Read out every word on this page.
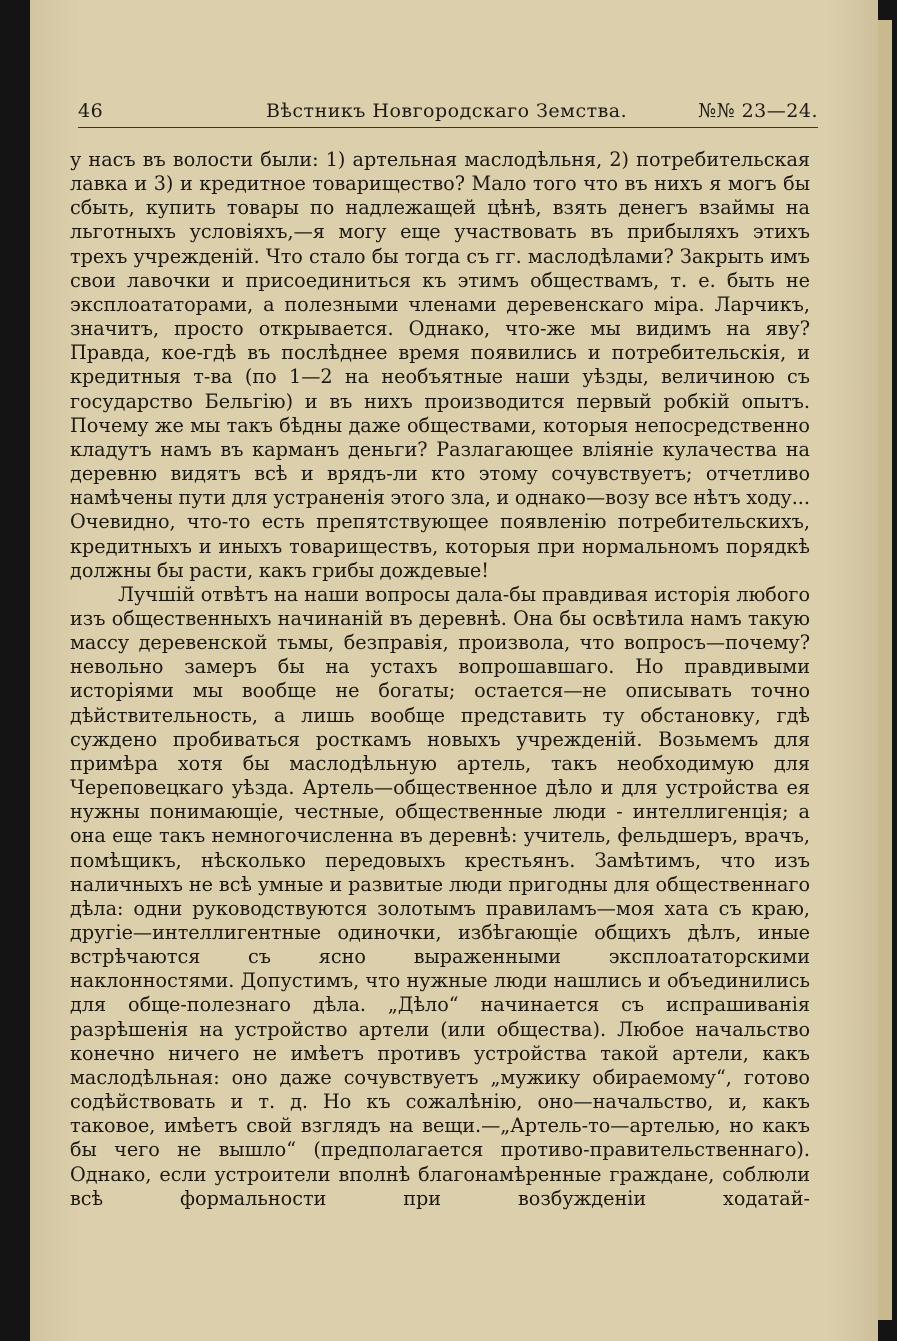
46	Вѣстникъ Новгородскаго Земства.	№№ 23—24.

у насъ въ волости были: 1) артельная маслодѣльня, 2) потребительская лавка и 3) и кредитное товарищество? Мало того что въ нихъ я могъ бы сбыть, купить товары по надлежащей цѣнѣ, взять денегъ взаймы на льготныхъ условіяхъ,—я могу еще участвовать въ прибыляхъ этихъ трехъ учрежденій. Что стало бы тогда съ гг. маслодѣлами? Закрыть имъ свои лавочки и присоединиться къ этимъ обществамъ, т. е. быть не эксплоататорами, а полезными членами деревенскаго міра. Ларчикъ, значитъ, просто открывается. Однако, что-же мы видимъ на яву? Правда, кое-гдѣ въ послѣднее время появились и потребительскія, и кредитныя т-ва (по 1—2 на необъятные наши уѣзды, величиною съ государство Бельгію) и въ нихъ производится первый робкій опытъ. Почему же мы такъ бѣдны даже обществами, которыя непосредственно кладутъ намъ въ карманъ деньги? Разлагающее вліяніе кулачества на деревню видятъ всѣ и врядъ-ли кто этому сочувствуетъ; отчетливо намѣчены пути для устраненія этого зла, и однако—возу все нѣтъ ходу... Очевидно, что-то есть препятствующее появленію потребительскихъ, кредитныхъ и иныхъ товариществъ, которыя при нормальномъ порядкѣ должны бы расти, какъ грибы дождевые!

Лучшій отвѣтъ на наши вопросы дала-бы правдивая исторія любого изъ общественныхъ начинаній въ деревнѣ. Она бы освѣтила намъ такую массу деревенской тьмы, безправія, произвола, что вопросъ—почему? невольно замеръ бы на устахъ вопрошавшаго. Но правдивыми исторіями мы вообще не богаты; остается—не описывать точно дѣйствительность, а лишь вообще представить ту обстановку, гдѣ суждено пробиваться росткамъ новыхъ учрежденій. Возьмемъ для примѣра хотя бы маслодѣльную артель, такъ необходимую для Череповецкаго уѣзда. Артель—общественное дѣло и для устройства ея нужны понимающіе, честные, общественные люди - интеллигенція; а она еще такъ немногочисленна въ деревнѣ: учитель, фельдшеръ, врачъ, помѣщикъ, нѣсколько передовыхъ крестьянъ. Замѣтимъ, что изъ наличныхъ не всѣ умные и развитые люди пригодны для общественнаго дѣла: одни руководствуются золотымъ правиламъ—моя хата съ краю, другіе—интеллигентные одиночки, избѣгающіе общихъ дѣлъ, иные встрѣчаются съ ясно выраженными эксплоататорскими наклонностями. Допустимъ, что нужные люди нашлись и объединились для обще-полезнаго дѣла. „Дѣло“ начинается съ испрашиванія разрѣшенія на устройство артели (или общества). Любое начальство конечно ничего не имѣетъ противъ устройства такой артели, какъ маслодѣльная: оно даже сочувствуетъ „мужику обираемому“, готово содѣйствовать и т. д. Но къ сожалѣнію, оно—начальство, и, какъ таковое, имѣетъ свой взглядъ на вещи.—„Артель-то—артелью, но какъ бы чего не вышло“ (предполагается противо-правительственнаго). Однако, если устроители вполнѣ благонамѣренные граждане, соблюли всѣ формальности при возбужденіи ходатай-
